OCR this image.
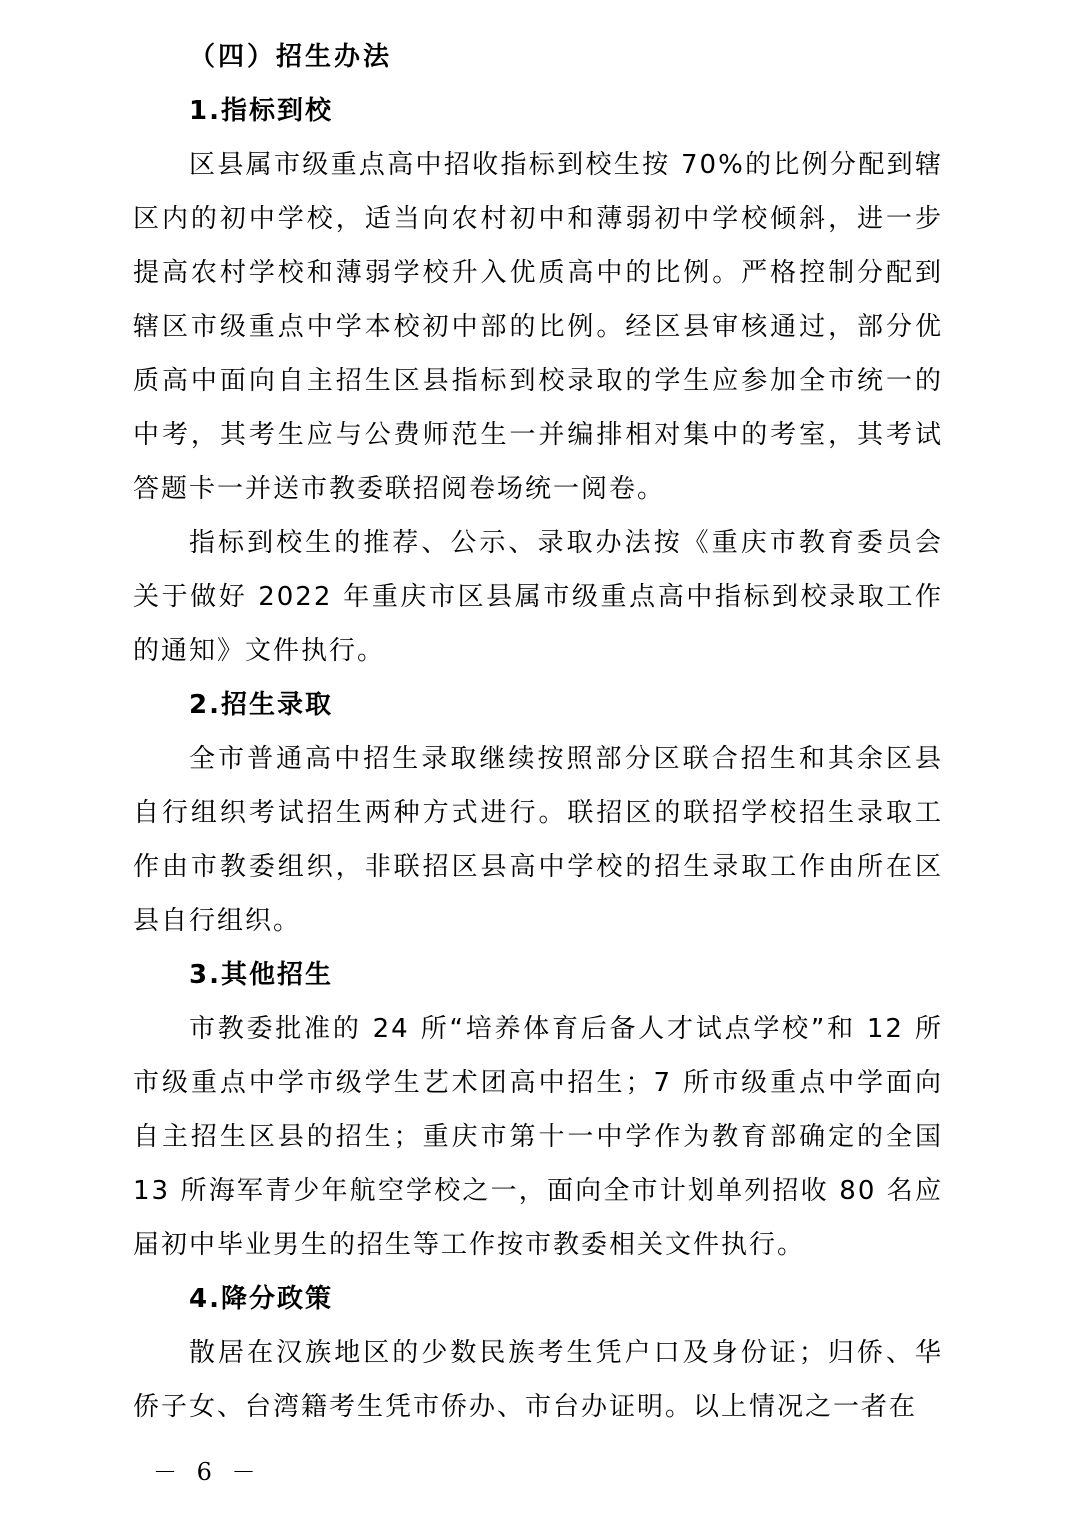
（四）招生办法
1.指标到校

区县属市级重点高中招收指标到校生按 70%的比例分配到辖区内的初中学校，适当向农村初中和薄弱初中学校倾斜，进一步提高农村学校和薄弱学校升入优质高中的比例。严格控制分配到辖区市级重点中学本校初中部的比例。经区县审核通过，部分优质高中面向自主招生区县指标到校录取的学生应参加全市统一的中考，其考生应与公费师范生一并编排相对集中的考室，其考试答题卡一并送市教委联招阅卷场统一阅卷。

指标到校生的推荐、公示、录取办法按《重庆市教育委员会关于做好 2022 年重庆市区县属市级重点高中指标到校录取工作的通知》文件执行。

2.招生录取

全市普通高中招生录取继续按照部分区联合招生和其余区县自行组织考试招生两种方式进行。联招区的联招学校招生录取工作由市教委组织，非联招区县高中学校的招生录取工作由所在区县自行组织。

3.其他招生

市教委批准的 24 所“培养体育后备人才试点学校”和 12 所市级重点中学市级学生艺术团高中招生；7 所市级重点中学面向自主招生区县的招生；重庆市第十一中学作为教育部确定的全国 13 所海军青少年航空学校之一，面向全市计划单列招收 80 名应届初中毕业男生的招生等工作按市教委相关文件执行。

4.降分政策

散居在汉族地区的少数民族考生凭户口及身份证；归侨、华侨子女、台湾籍考生凭市侨办、市台办证明。以上情况之一者在

－ 6 －
